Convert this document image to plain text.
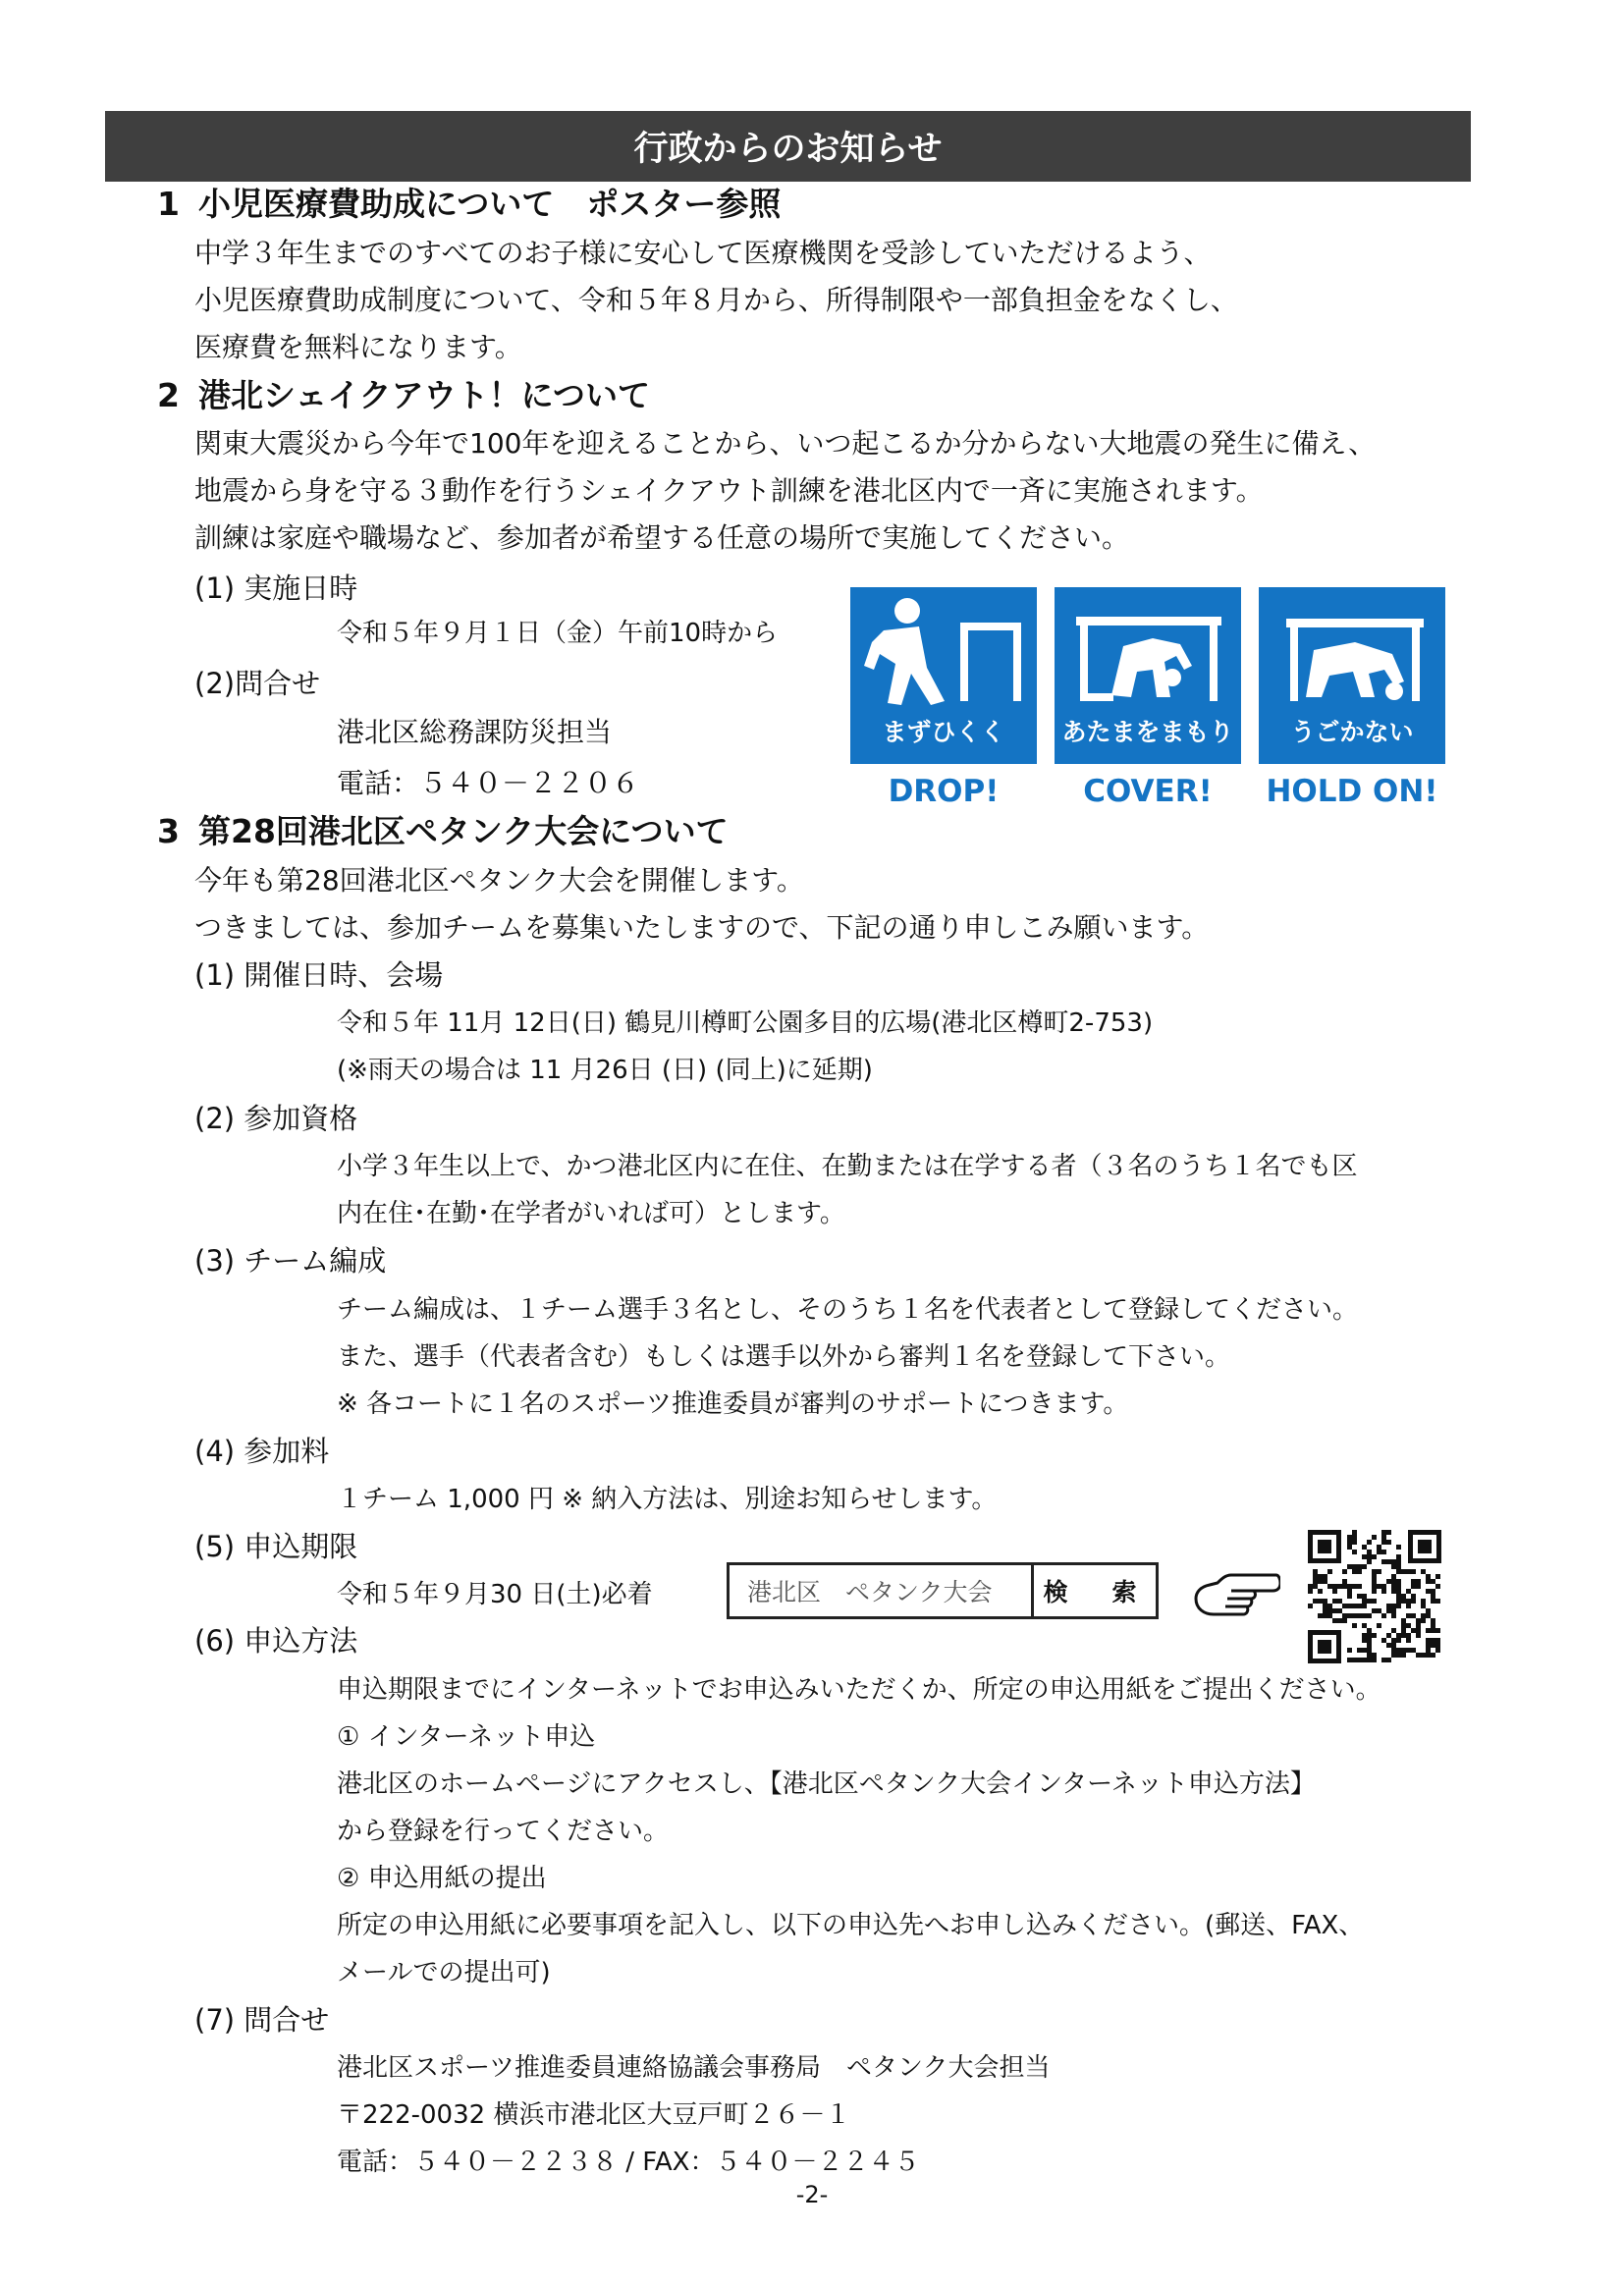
行政からのお知らせ
1 小児医療費助成について　ポスター参照
中学３年生までのすべてのお子様に安心して医療機関を受診していただけるよう、
小児医療費助成制度について、令和５年８月から、所得制限や一部負担金をなくし、
医療費を無料になります。
2 港北シェイクアウト！について
関東大震災から今年で100年を迎えることから、いつ起こるか分からない大地震の発生に備え、
地震から身を守る３動作を行うシェイクアウト訓練を港北区内で一斉に実施されます。
訓練は家庭や職場など、参加者が希望する任意の場所で実施してください。
(1) 実施日時
令和５年９月１日（金）午前10時から
(2)問合せ
港北区総務課防災担当
電話：５４０－２２０６
まずひくく
DROP!
あたまをまもり
COVER!
うごかない
HOLD ON!
3 第28回港北区ペタンク大会について
今年も第28回港北区ペタンク大会を開催します。
つきましては、参加チームを募集いたしますので、下記の通り申しこみ願います。
(1) 開催日時、会場
令和５年 11月 12日(日) 鶴見川樽町公園多目的広場(港北区樽町2-753)
(※雨天の場合は 11 月26日 (日) (同上)に延期)
(2) 参加資格
小学３年生以上で、かつ港北区内に在住、在勤または在学する者（３名のうち１名でも区
内在住･在勤･在学者がいれば可）とします。
(3) チーム編成
チーム編成は、１チーム選手３名とし、そのうち１名を代表者として登録してください。
また、選手（代表者含む）もしくは選手以外から審判１名を登録して下さい。
※ 各コートに１名のスポーツ推進委員が審判のサポートにつきます。
(4) 参加料
１チーム 1,000 円 ※ 納入方法は、別途お知らせします。
(5) 申込期限
令和５年９月30 日(土)必着	港北区　ペタンク大会	検　索
(6) 申込方法
申込期限までにインターネットでお申込みいただくか、所定の申込用紙をご提出ください。
① インターネット申込
港北区のホームページにアクセスし、【港北区ペタンク大会インターネット申込方法】
から登録を行ってください。
② 申込用紙の提出
所定の申込用紙に必要事項を記入し、以下の申込先へお申し込みください。(郵送、FAX、
メールでの提出可)
(7) 問合せ
港北区スポーツ推進委員連絡協議会事務局　ペタンク大会担当
〒222-0032 横浜市港北区大豆戸町２６－１
電話：５４０－２２３８ / FAX：５４０－２２４５
-2-
